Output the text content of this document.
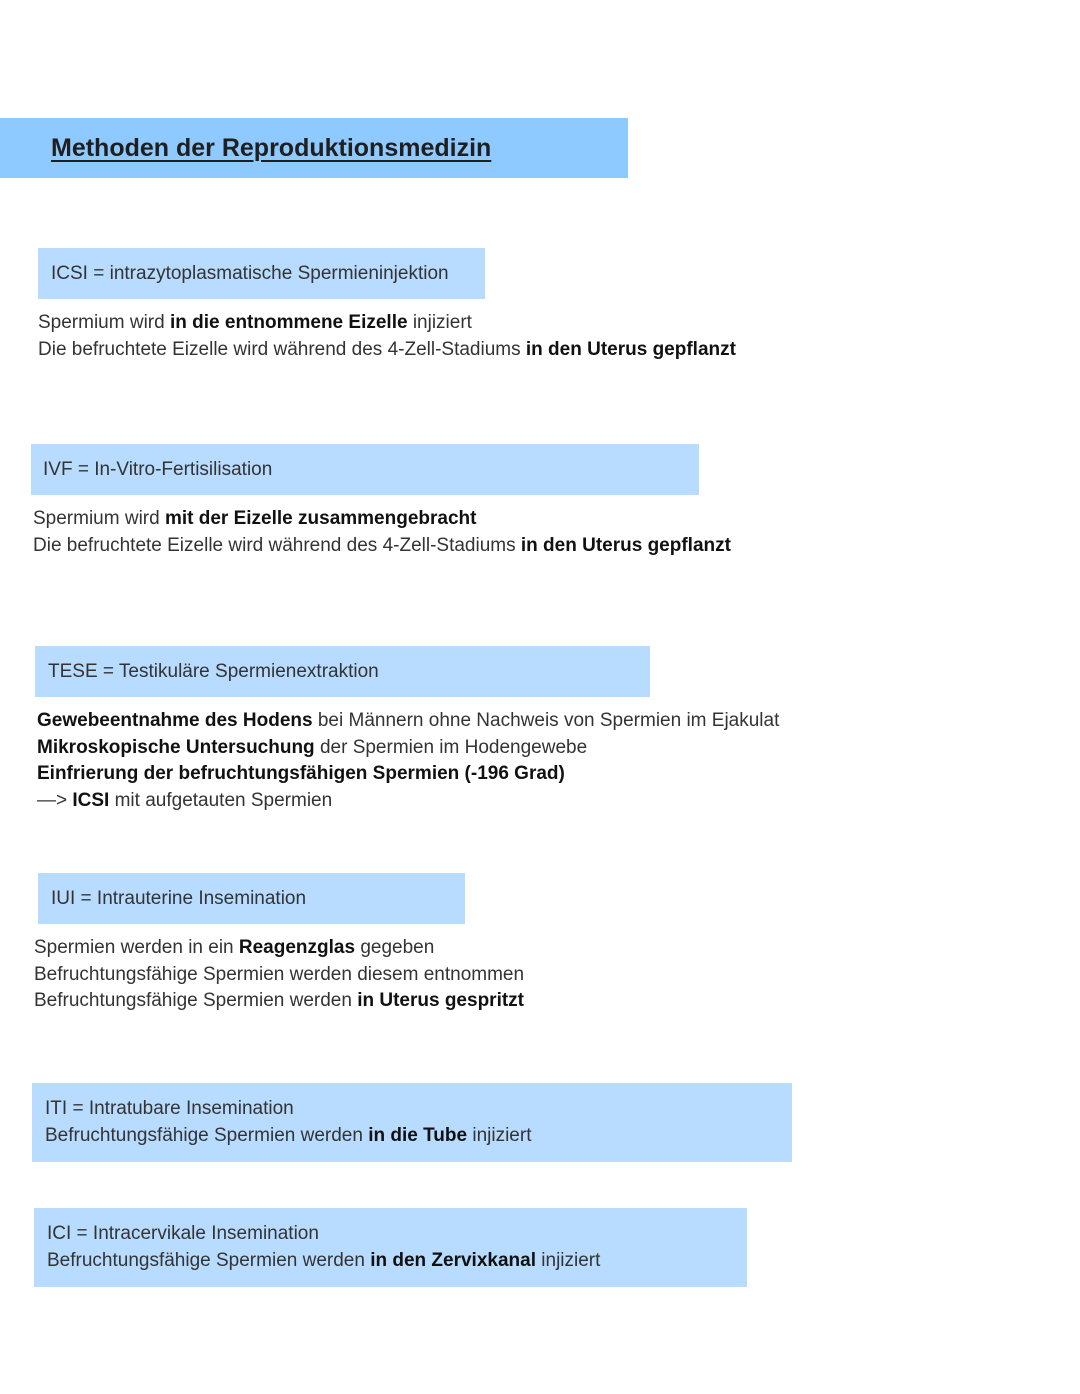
Methoden der Reproduktionsmedizin
ICSI = intrazytoplasmatische Spermieninjektion
Spermium wird in die entnommene Eizelle injiziert
Die befruchtete Eizelle wird während des 4-Zell-Stadiums in den Uterus gepflanzt
IVF = In-Vitro-Fertisilisation
Spermium wird mit der Eizelle zusammengebracht
Die befruchtete Eizelle wird während des 4-Zell-Stadiums in den Uterus gepflanzt
TESE = Testikuläre Spermienextraktion
Gewebeentnahme des Hodens bei Männern ohne Nachweis von Spermien im Ejakulat
Mikroskopische Untersuchung der Spermien im Hodengewebe
Einfrierung der befruchtungsfähigen Spermien (-196 Grad)
—> ICSI mit aufgetauten Spermien
IUI = Intrauterine Insemination
Spermien werden in ein Reagenzglas gegeben
Befruchtungsfähige Spermien werden diesem entnommen
Befruchtungsfähige Spermien werden in Uterus gespritzt
ITI = Intratubare Insemination
Befruchtungsfähige Spermien werden in die Tube injiziert
ICI = Intracervikale Insemination
Befruchtungsfähige Spermien werden in den Zervixkanal injiziert
